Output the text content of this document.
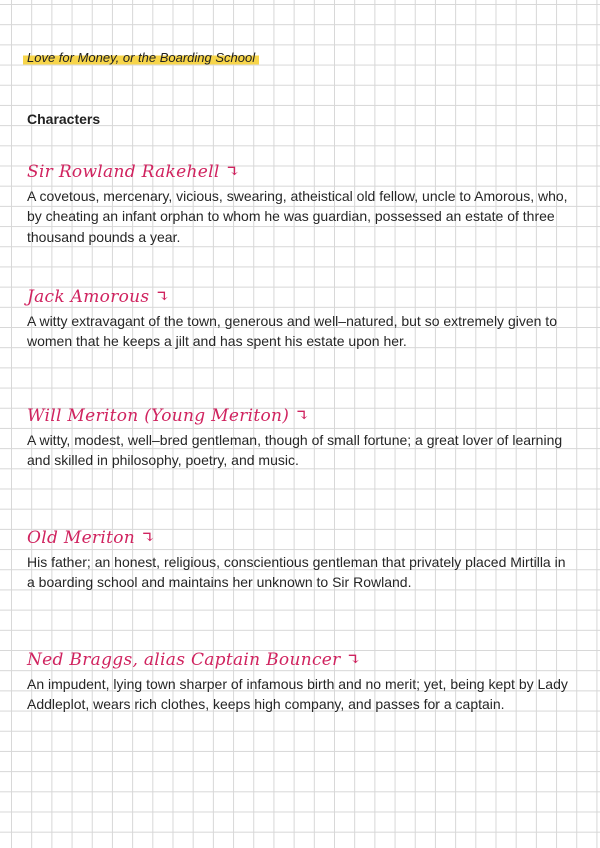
Love for Money, or the Boarding School
Characters
Sir Rowland Rakehell ↴

A covetous, mercenary, vicious, swearing, atheistical old fellow, uncle to Amorous, who, by cheating an infant orphan to whom he was guardian, possessed an estate of three thousand pounds a year.

Jack Amorous ↴

A witty extravagant of the town, generous and well–natured, but so extremely given to women that he keeps a jilt and has spent his estate upon her.

Will Meriton (Young Meriton) ↴

A witty, modest, well–bred gentleman, though of small fortune; a great lover of learning and skilled in philosophy, poetry, and music.

Old Meriton ↴

His father; an honest, religious, conscientious gentleman that privately placed Mirtilla in a boarding school and maintains her unknown to Sir Rowland.

Ned Braggs, alias Captain Bouncer ↴

An impudent, lying town sharper of infamous birth and no merit; yet, being kept by Lady Addleplot, wears rich clothes, keeps high company, and passes for a captain.
